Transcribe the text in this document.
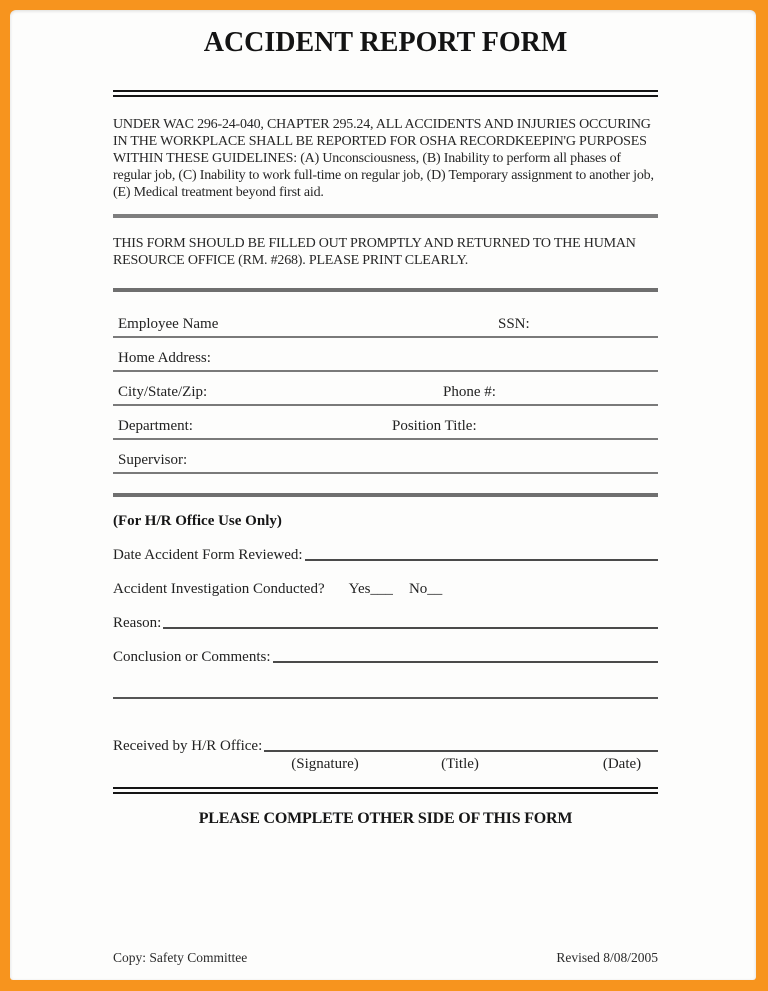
ACCIDENT REPORT FORM

UNDER WAC 296-24-040, CHAPTER 295.24, ALL ACCIDENTS AND INJURIES OCCURING IN THE WORKPLACE SHALL BE REPORTED FOR OSHA RECORDKEEPIN'G PURPOSES WITHIN THESE GUIDELINES: (A) Unconsciousness, (B) Inability to perform all phases of regular job, (C) Inability to work full-time on regular job, (D) Temporary assignment to another job, (E) Medical treatment beyond first aid.

THIS FORM SHOULD BE FILLED OUT PROMPTLY AND RETURNED TO THE HUMAN RESOURCE OFFICE (RM. #268). PLEASE PRINT CLEARLY.

Employee Name	SSN:
Home Address:
City/State/Zip:	Phone #:
Department:	Position Title:
Supervisor:
(For H/R Office Use Only)
Date Accident Form Reviewed:
Accident Investigation Conducted? Yes___ No__
Reason:
Conclusion or Comments:
Received by H/R Office:
(Signature)	(Title)	(Date)
PLEASE COMPLETE OTHER SIDE OF THIS FORM
Copy: Safety Committee	Revised 8/08/2005
